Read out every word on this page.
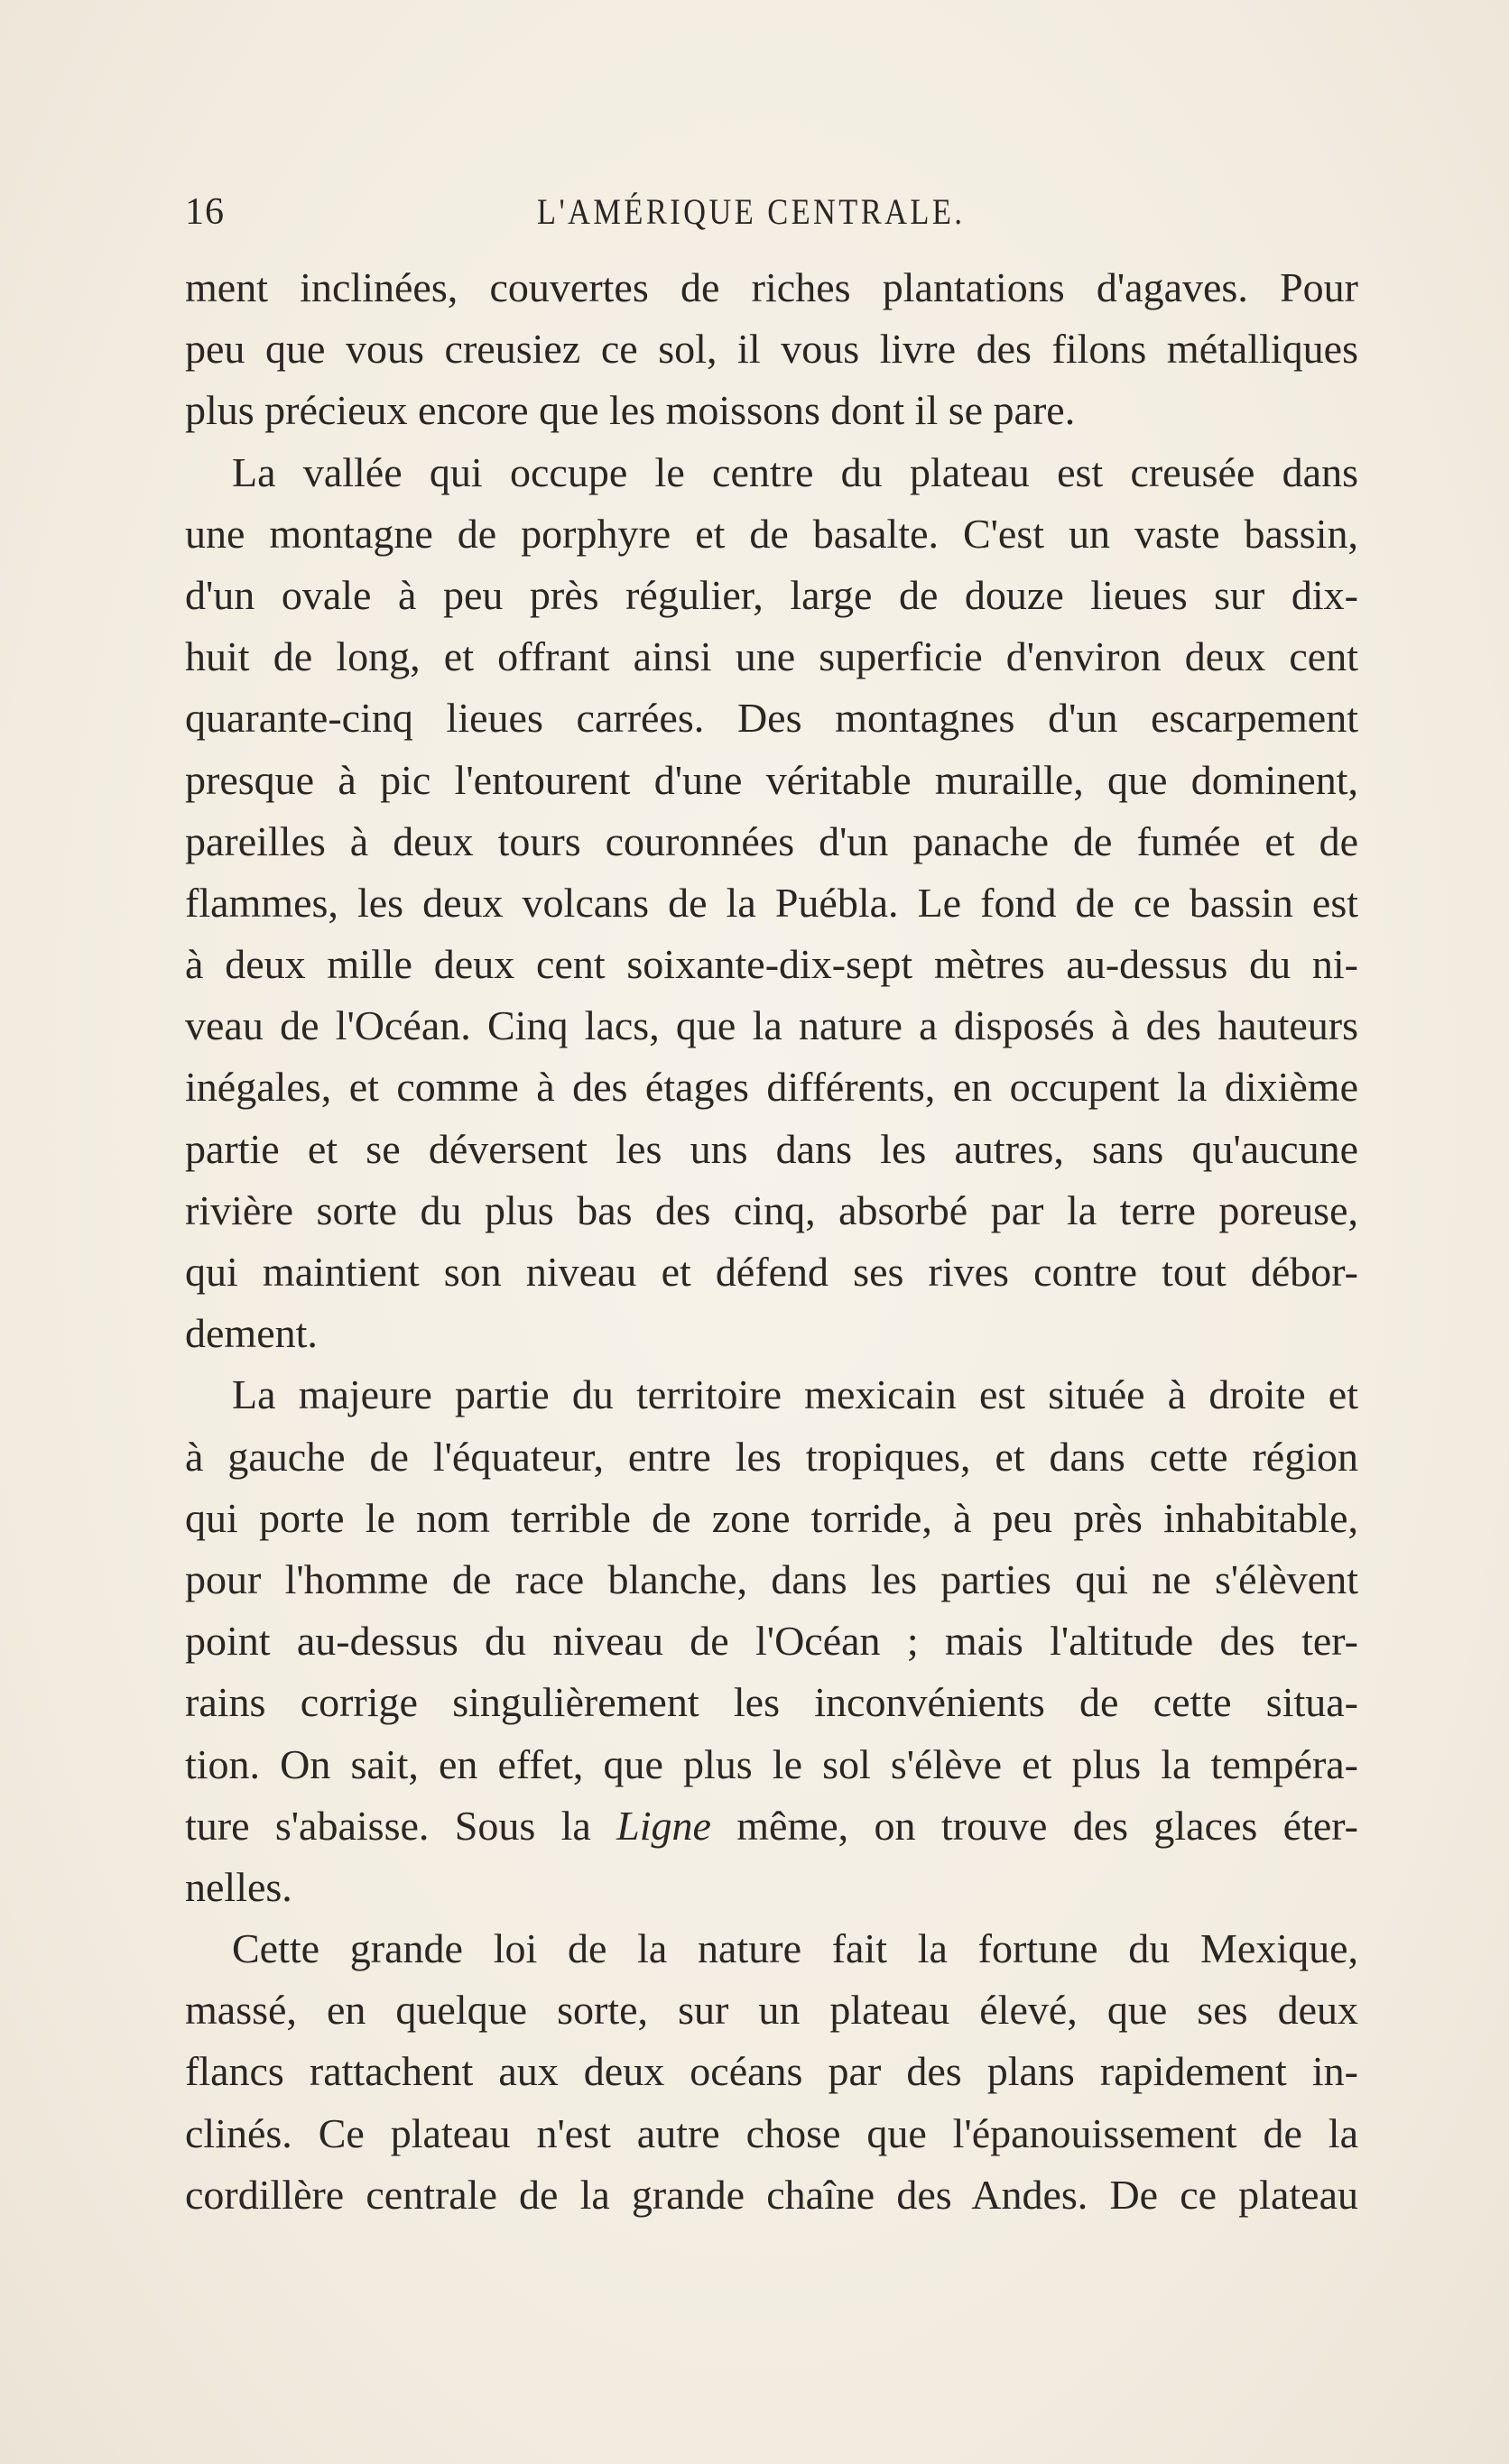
16	L'AMÉRIQUE CENTRALE.
ment inclinées, couvertes de riches plantations d'agaves. Pour
peu que vous creusiez ce sol, il vous livre des filons métalliques
plus précieux encore que les moissons dont il se pare.
La vallée qui occupe le centre du plateau est creusée dans
une montagne de porphyre et de basalte. C'est un vaste bassin,
d'un ovale à peu près régulier, large de douze lieues sur dix-
huit de long, et offrant ainsi une superficie d'environ deux cent
quarante-cinq lieues carrées. Des montagnes d'un escarpement
presque à pic l'entourent d'une véritable muraille, que dominent,
pareilles à deux tours couronnées d'un panache de fumée et de
flammes, les deux volcans de la Puébla. Le fond de ce bassin est
à deux mille deux cent soixante-dix-sept mètres au-dessus du ni-
veau de l'Océan. Cinq lacs, que la nature a disposés à des hauteurs
inégales, et comme à des étages différents, en occupent la dixième
partie et se déversent les uns dans les autres, sans qu'aucune
rivière sorte du plus bas des cinq, absorbé par la terre poreuse,
qui maintient son niveau et défend ses rives contre tout débor-
dement.
La majeure partie du territoire mexicain est située à droite et
à gauche de l'équateur, entre les tropiques, et dans cette région
qui porte le nom terrible de zone torride, à peu près inhabitable,
pour l'homme de race blanche, dans les parties qui ne s'élèvent
point au-dessus du niveau de l'Océan ; mais l'altitude des ter-
rains corrige singulièrement les inconvénients de cette situa-
tion. On sait, en effet, que plus le sol s'élève et plus la tempéra-
ture s'abaisse. Sous la Ligne même, on trouve des glaces éter-
nelles.
Cette grande loi de la nature fait la fortune du Mexique,
massé, en quelque sorte, sur un plateau élevé, que ses deux
flancs rattachent aux deux océans par des plans rapidement in-
clinés. Ce plateau n'est autre chose que l'épanouissement de la
cordillère centrale de la grande chaîne des Andes. De ce plateau
